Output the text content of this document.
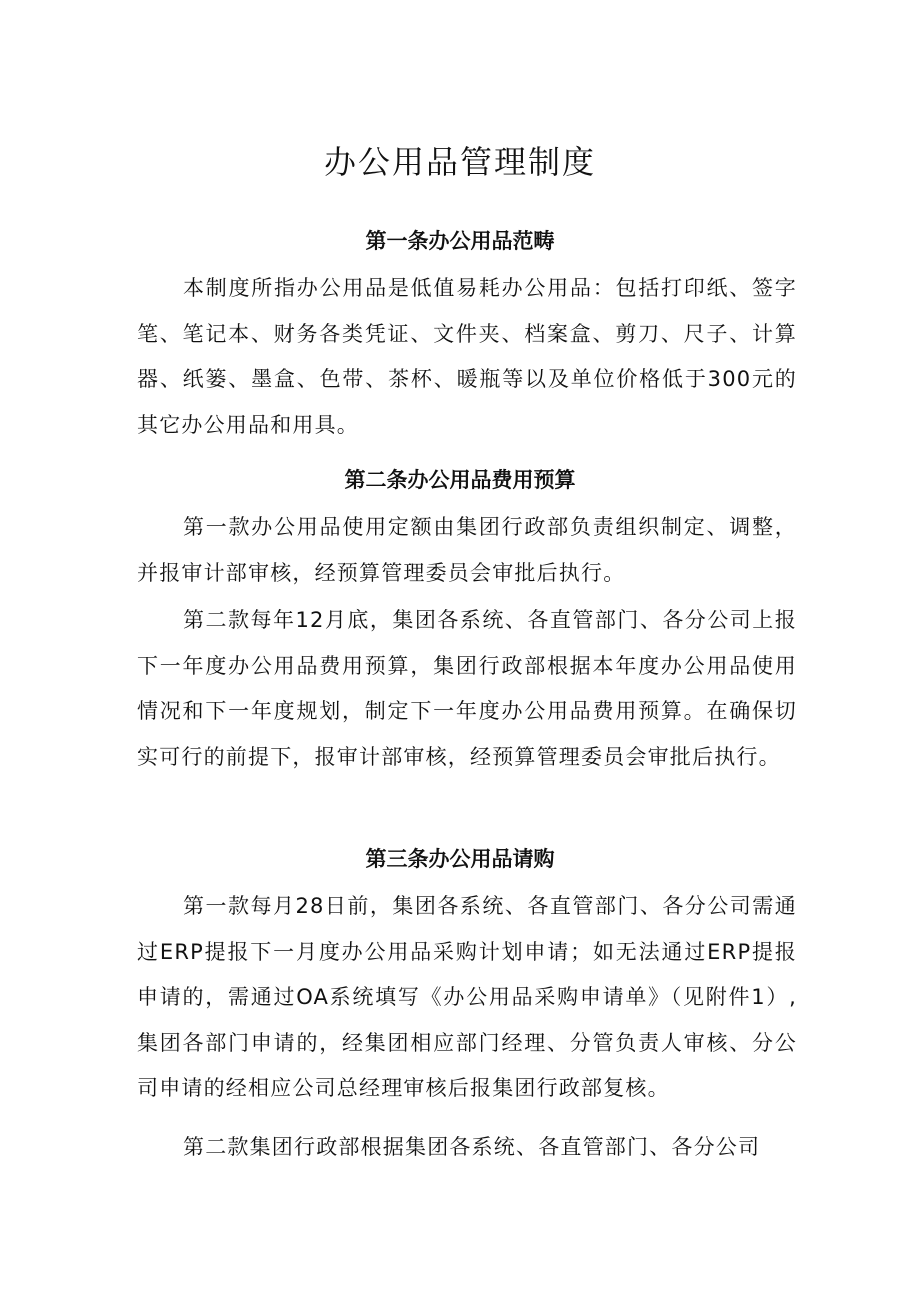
办公用品管理制度
第一条办公用品范畴

本制度所指办公用品是低值易耗办公用品：包括打印纸、签字笔、笔记本、财务各类凭证、文件夹、档案盒、剪刀、尺子、计算器、纸篓、墨盒、色带、茶杯、暖瓶等以及单位价格低于300元的其它办公用品和用具。

第二条办公用品费用预算

第一款办公用品使用定额由集团行政部负责组织制定、调整，并报审计部审核，经预算管理委员会审批后执行。

第二款每年12月底，集团各系统、各直管部门、各分公司上报下一年度办公用品费用预算，集团行政部根据本年度办公用品使用情况和下一年度规划，制定下一年度办公用品费用预算。在确保切实可行的前提下，报审计部审核，经预算管理委员会审批后执行。

第三条办公用品请购

第一款每月28日前，集团各系统、各直管部门、各分公司需通过ERP提报下一月度办公用品采购计划申请；如无法通过ERP提报申请的，需通过OA系统填写《办公用品采购申请单》（见附件1）,集团各部门申请的，经集团相应部门经理、分管负责人审核、分公司申请的经相应公司总经理审核后报集团行政部复核。

第二款集团行政部根据集团各系统、各直管部门、各分公司
